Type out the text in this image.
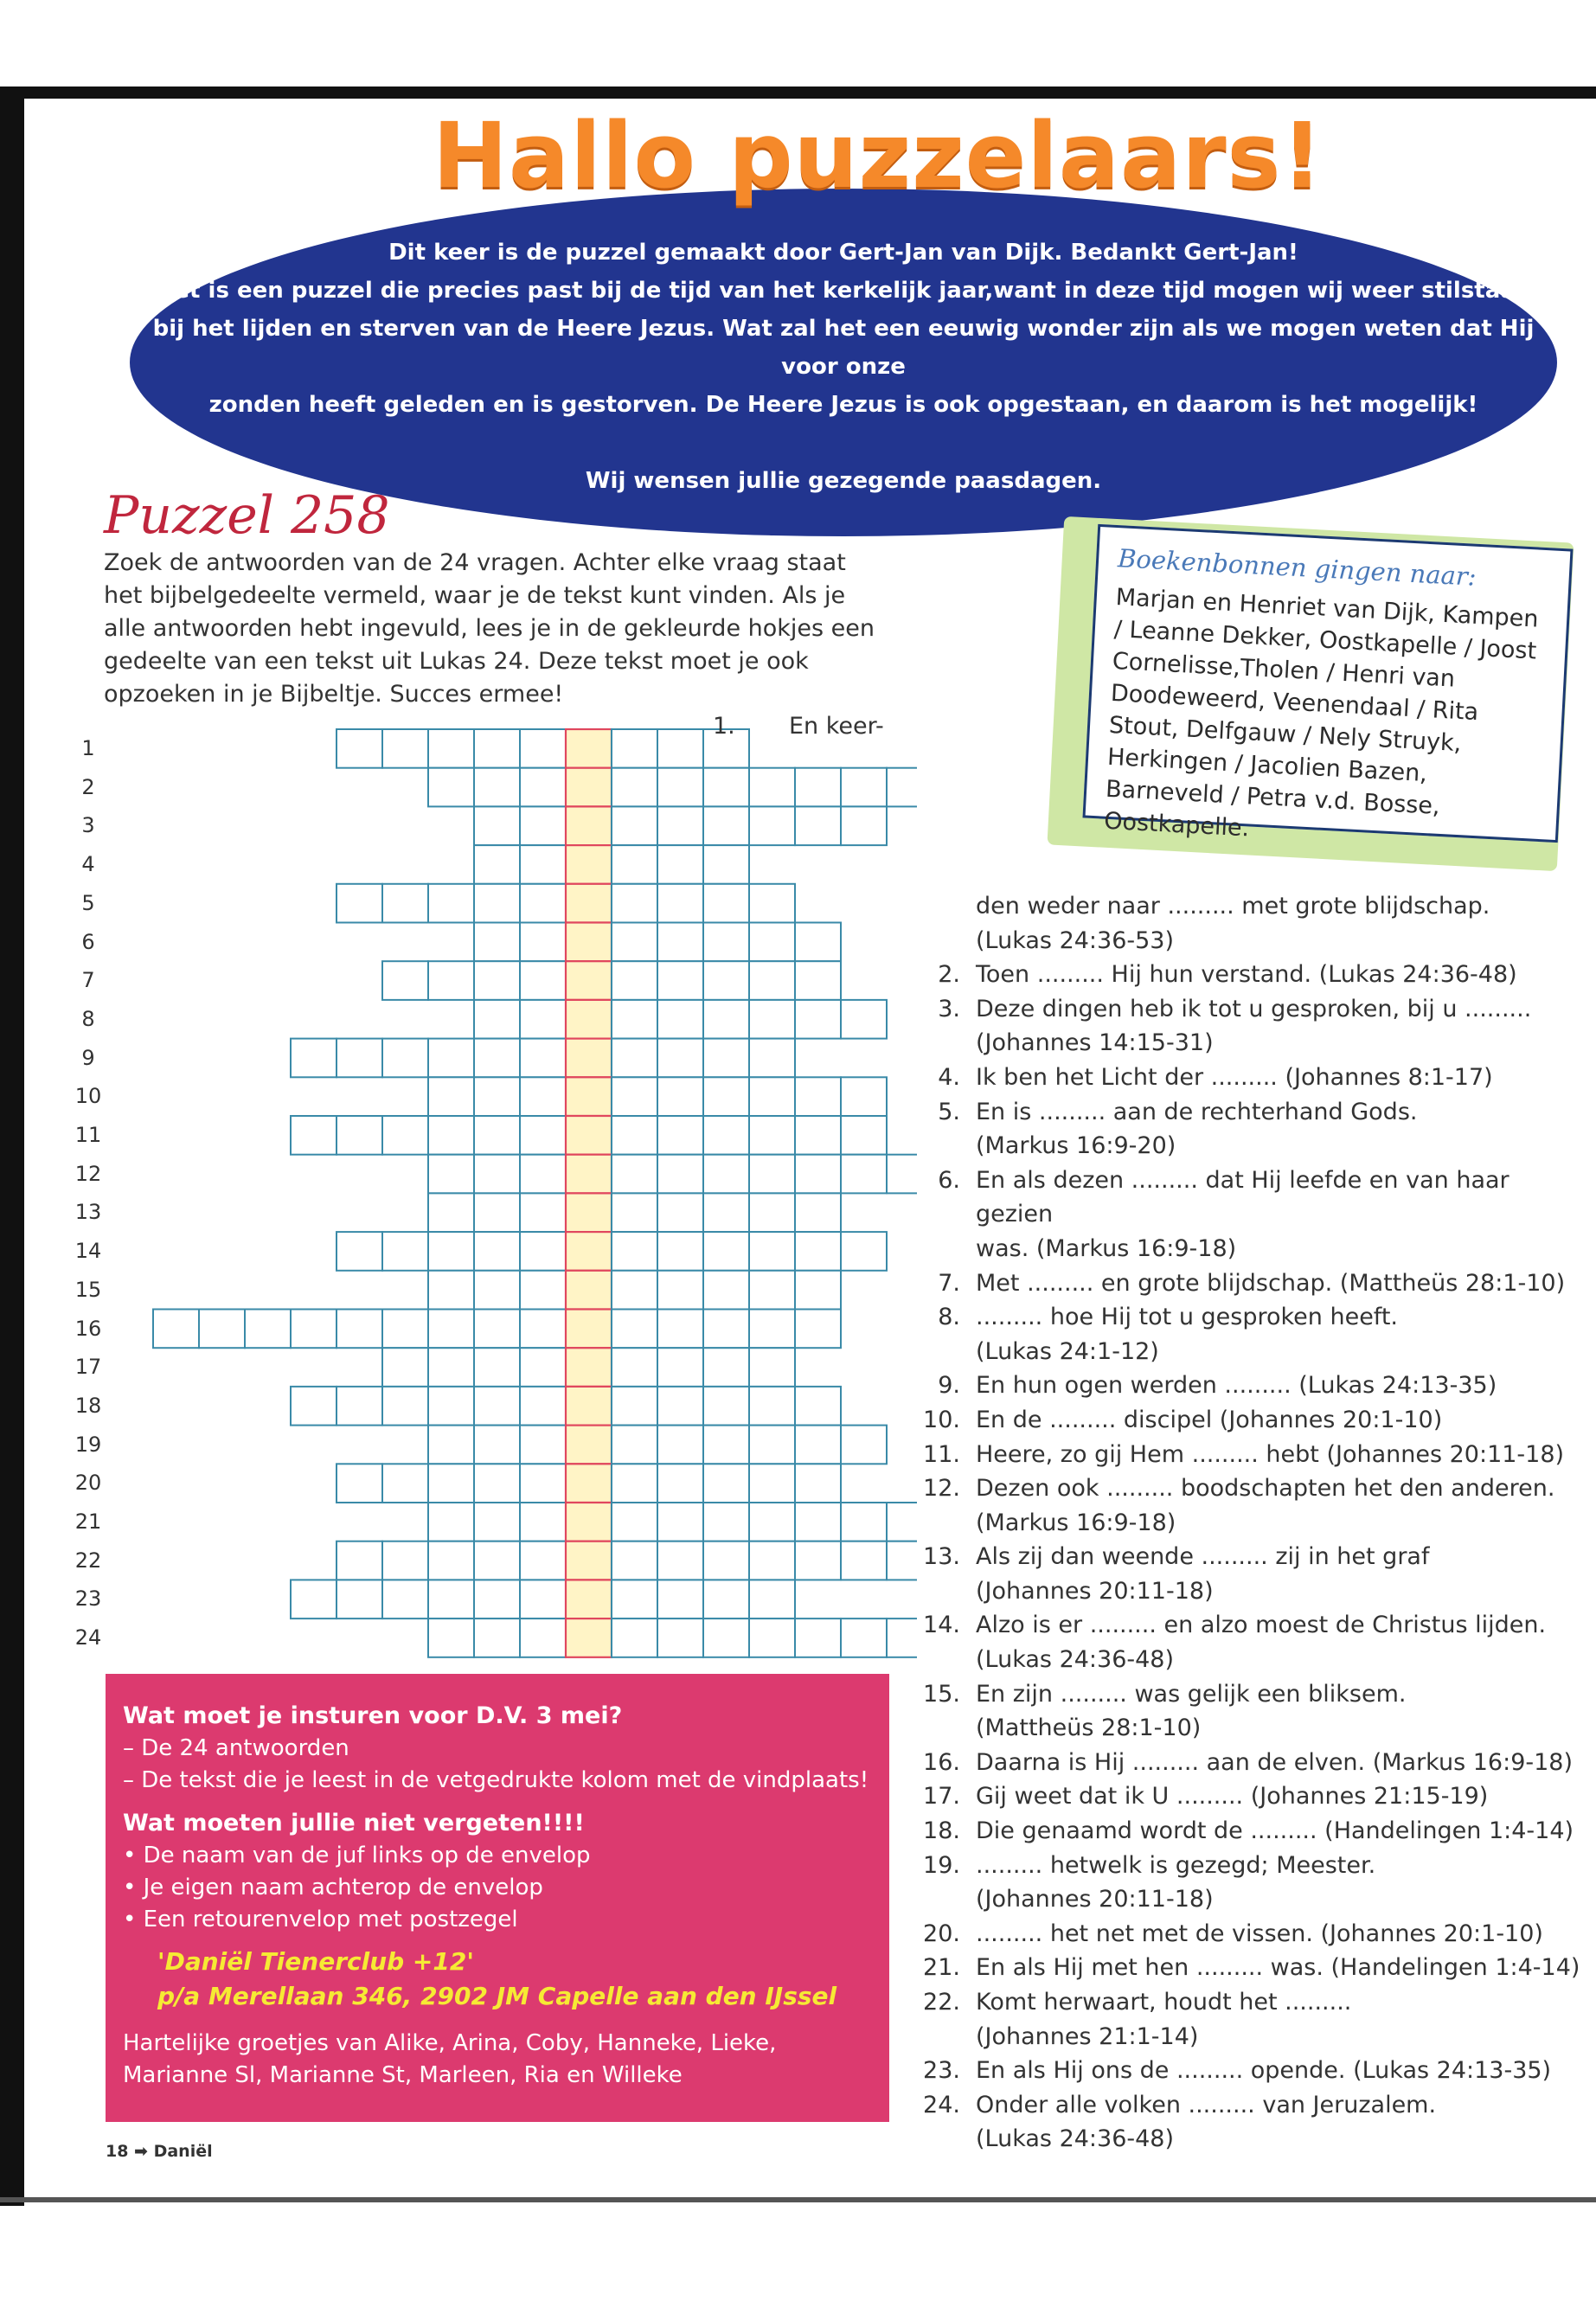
Hallo puzzelaars!
Dit keer is de puzzel gemaakt door Gert-Jan van Dijk. Bedankt Gert-Jan!
Het is een puzzel die precies past bij de tijd van het kerkelijk jaar,want in deze tijd mogen wij weer stilstaan
bij het lijden en sterven van de Heere Jezus. Wat zal het een eeuwig wonder zijn als we mogen weten dat Hij voor onze
zonden heeft geleden en is gestorven. De Heere Jezus is ook opgestaan, en daarom is het mogelijk!
Wij wensen jullie gezegende paasdagen.
Puzzel 258
Zoek de antwoorden van de 24 vragen. Achter elke vraag staat het bijbelgedeelte vermeld, waar je de tekst kunt vinden. Als je alle antwoorden hebt ingevuld, lees je in de gekleurde hokjes een gedeelte van een tekst uit Lukas 24. Deze tekst moet je ook opzoeken in je Bijbeltje. Succes ermee!
Boekenbonnen gingen naar:
Marjan en Henriet van Dijk, Kampen / Leanne Dekker, Oostkapelle / Joost Cornelisse,Tholen / Henri van Doodeweerd, Veenendaal / Rita Stout, Delfgauw / Nely Struyk, Herkingen / Jacolien Bazen, Barneveld / Petra v.d. Bosse, Oostkapelle.
1
2
3
4
5
6
7
8
9
10
11
12
13
14
15
16
17
18
19
20
21
22
23
24
1. En keer-
den weder naar ......... met grote blijdschap.
(Lukas 24:36-53)
2. Toen ......... Hij hun verstand. (Lukas 24:36-48)
3. Deze dingen heb ik tot u gesproken, bij u .........
(Johannes 14:15-31)
4. Ik ben het Licht der ......... (Johannes 8:1-17)
5. En is ......... aan de rechterhand Gods.
(Markus 16:9-20)
6. En als dezen ......... dat Hij leefde en van haar gezien
was. (Markus 16:9-18)
7. Met ......... en grote blijdschap. (Mattheüs 28:1-10)
8. ......... hoe Hij tot u gesproken heeft.
(Lukas 24:1-12)
9. En hun ogen werden ......... (Lukas 24:13-35)
10. En de ......... discipel (Johannes 20:1-10)
11. Heere, zo gij Hem ......... hebt (Johannes 20:11-18)
12. Dezen ook ......... boodschapten het den anderen.
(Markus 16:9-18)
13. Als zij dan weende ......... zij in het graf
(Johannes 20:11-18)
14. Alzo is er ......... en alzo moest de Christus lijden.
(Lukas 24:36-48)
15. En zijn ......... was gelijk een bliksem.
(Mattheüs 28:1-10)
16. Daarna is Hij ......... aan de elven. (Markus 16:9-18)
17. Gij weet dat ik U ......... (Johannes 21:15-19)
18. Die genaamd wordt de ......... (Handelingen 1:4-14)
19. ......... hetwelk is gezegd; Meester.
(Johannes 20:11-18)
20. ......... het net met de vissen. (Johannes 20:1-10)
21. En als Hij met hen ......... was. (Handelingen 1:4-14)
22. Komt herwaart, houdt het .........
(Johannes 21:1-14)
23. En als Hij ons de ......... opende. (Lukas 24:13-35)
24. Onder alle volken ......... van Jeruzalem.
(Lukas 24:36-48)
Wat moet je insturen voor D.V. 3 mei?
– De 24 antwoorden
– De tekst die je leest in de vetgedrukte kolom met de vindplaats!
Wat moeten jullie niet vergeten!!!!
• De naam van de juf links op de envelop
• Je eigen naam achterop de envelop
• Een retourenvelop met postzegel
'Daniël Tienerclub +12'
p/a Merellaan 346, 2902 JM Capelle aan den IJssel
Hartelijke groetjes van Alike, Arina, Coby, Hanneke, Lieke, Marianne Sl, Marianne St, Marleen, Ria en Willeke
18 ➡ Daniël
